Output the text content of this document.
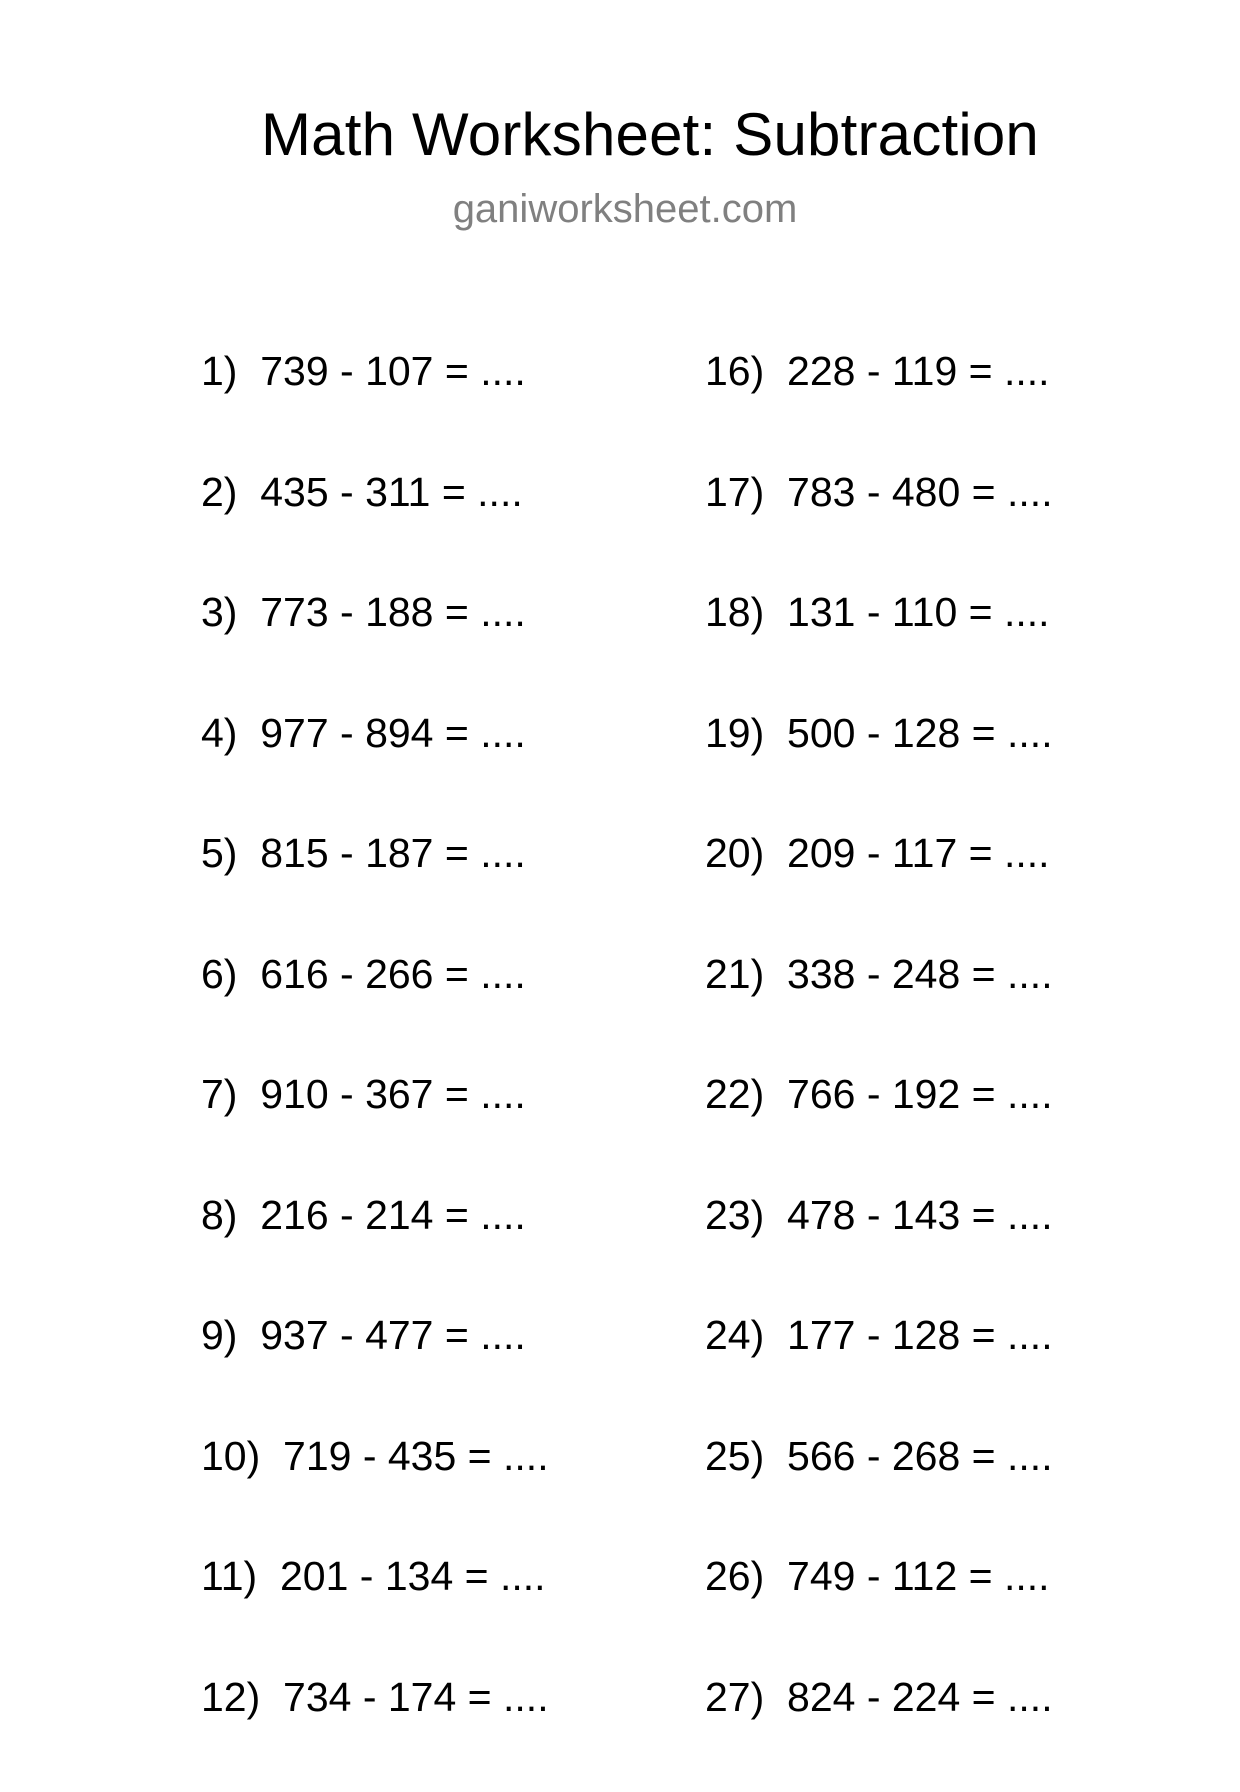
Math Worksheet: Subtraction
ganiworksheet.com
1)  739 - 107 = ....
2)  435 - 311 = ....
3)  773 - 188 = ....
4)  977 - 894 = ....
5)  815 - 187 = ....
6)  616 - 266 = ....
7)  910 - 367 = ....
8)  216 - 214 = ....
9)  937 - 477 = ....
10)  719 - 435 = ....
11)  201 - 134 = ....
12)  734 - 174 = ....
16)  228 - 119 = ....
17)  783 - 480 = ....
18)  131 - 110 = ....
19)  500 - 128 = ....
20)  209 - 117 = ....
21)  338 - 248 = ....
22)  766 - 192 = ....
23)  478 - 143 = ....
24)  177 - 128 = ....
25)  566 - 268 = ....
26)  749 - 112 = ....
27)  824 - 224 = ....
